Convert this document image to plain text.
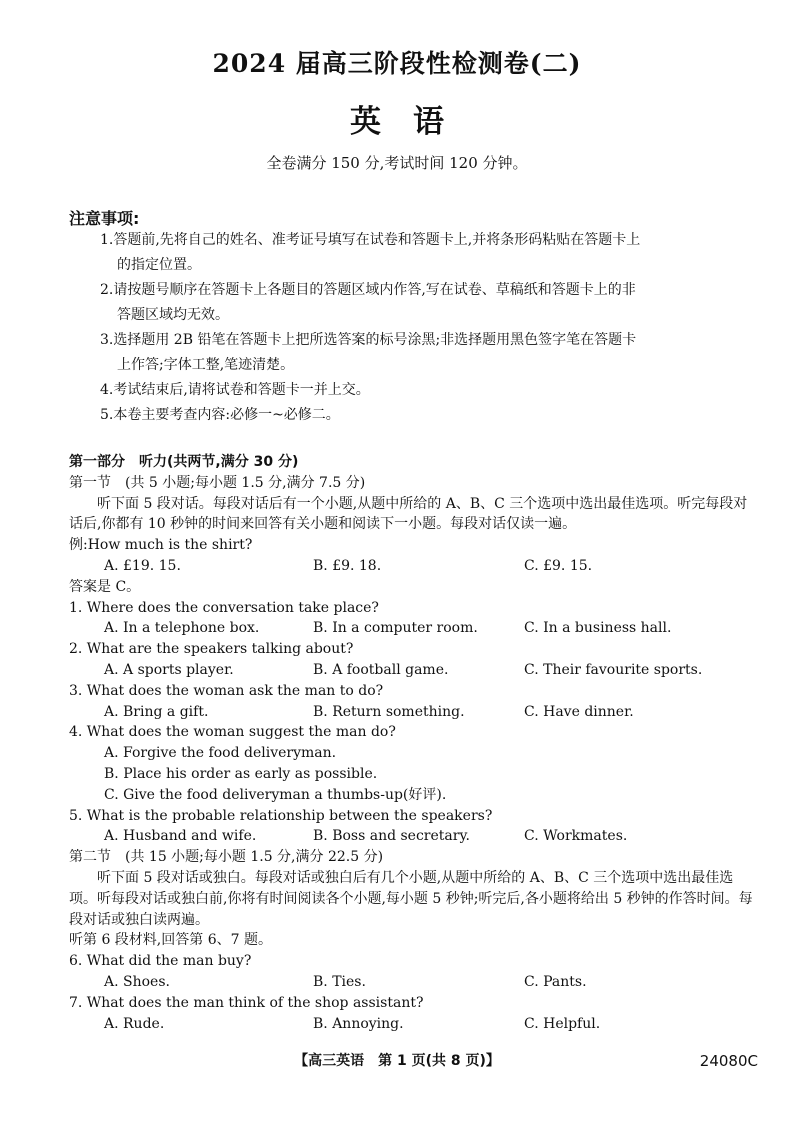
2024 届高三阶段性检测卷(二)
英语
全卷满分 150 分,考试时间 120 分钟。
注意事项:
1.答题前,先将自己的姓名、准考证号填写在试卷和答题卡上,并将条形码粘贴在答题卡上
的指定位置。
2.请按题号顺序在答题卡上各题目的答题区域内作答,写在试卷、草稿纸和答题卡上的非
答题区域均无效。
3.选择题用 2B 铅笔在答题卡上把所选答案的标号涂黑;非选择题用黑色签字笔在答题卡
上作答;字体工整,笔迹清楚。
4.考试结束后,请将试卷和答题卡一并上交。
5.本卷主要考查内容:必修一~必修二。
第一部分　听力(共两节,满分 30 分)
第一节　(共 5 小题;每小题 1.5 分,满分 7.5 分)

听下面 5 段对话。每段对话后有一个小题,从题中所给的 A、B、C 三个选项中选出最佳选项。听完每段对话后,你都有 10 秒钟的时间来回答有关小题和阅读下一小题。每段对话仅读一遍。

例:How much is the shirt?
A. £19. 15.	B. £9. 18.	C. £9. 15.
答案是 C。
1. Where does the conversation take place?
A. In a telephone box.	B. In a computer room.	C. In a business hall.
2. What are the speakers talking about?
A. A sports player.	B. A football game.	C. Their favourite sports.
3. What does the woman ask the man to do?
A. Bring a gift.	B. Return something.	C. Have dinner.
4. What does the woman suggest the man do?
A. Forgive the food deliveryman.
B. Place his order as early as possible.
C. Give the food deliveryman a thumbs-up(好评).
5. What is the probable relationship between the speakers?
A. Husband and wife.	B. Boss and secretary.	C. Workmates.
第二节　(共 15 小题;每小题 1.5 分,满分 22.5 分)

听下面 5 段对话或独白。每段对话或独白后有几个小题,从题中所给的 A、B、C 三个选项中选出最佳选项。听每段对话或独白前,你将有时间阅读各个小题,每小题 5 秒钟;听完后,各小题将给出 5 秒钟的作答时间。每段对话或独白读两遍。

听第 6 段材料,回答第 6、7 题。
6. What did the man buy?
A. Shoes.	B. Ties.	C. Pants.
7. What does the man think of the shop assistant?
A. Rude.	B. Annoying.	C. Helpful.
【高三英语　第 1 页(共 8 页)】	24080C
